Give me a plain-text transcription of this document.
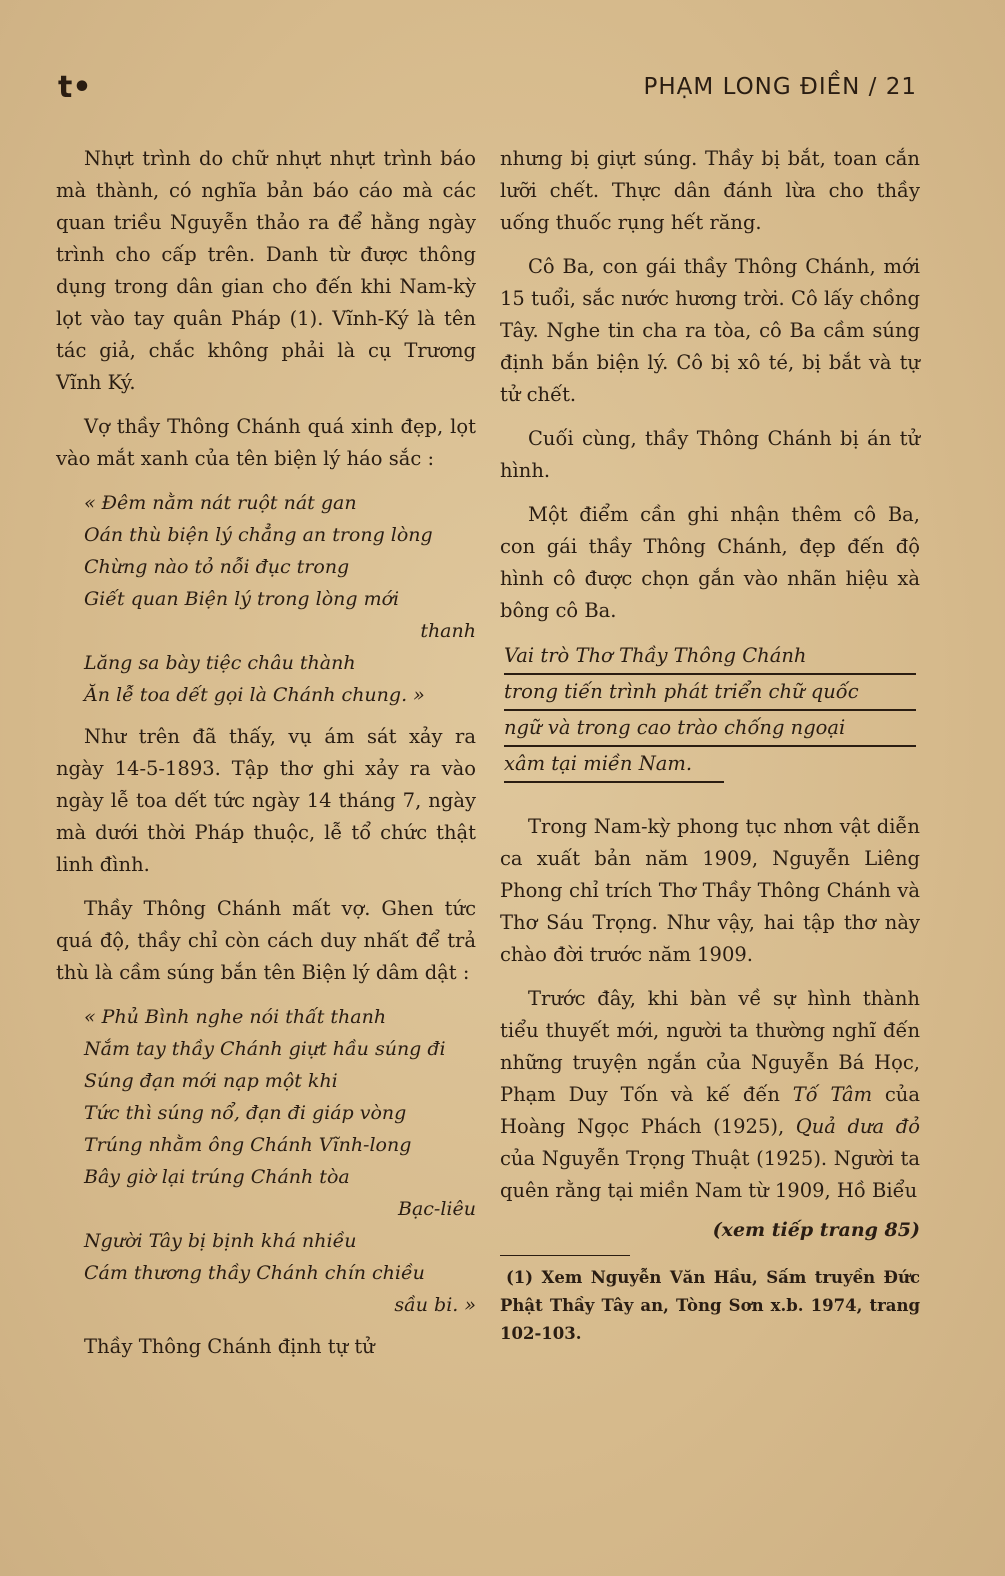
t•	PHẠM LONG ĐIỀN / 21

Nhựt trình do chữ nhựt nhựt trình báo mà thành, có nghĩa bản báo cáo mà các quan triều Nguyễn thảo ra để hằng ngày trình cho cấp trên. Danh từ được thông dụng trong dân gian cho đến khi Nam-kỳ lọt vào tay quân Pháp (1). Vĩnh-Ký là tên tác giả, chắc không phải là cụ Trương Vĩnh Ký.

Vợ thầy Thông Chánh quá xinh đẹp, lọt vào mắt xanh của tên biện lý háo sắc :

« Đêm nằm nát ruột nát gan
Oán thù biện lý chẳng an trong lòng
Chừng nào tỏ nỗi đục trong
Giết quan Biện lý trong lòng mới
thanh
Lăng sa bày tiệc châu thành
Ăn lễ toa dết gọi là Chánh chung. »

Như trên đã thấy, vụ ám sát xảy ra ngày 14-5-1893. Tập thơ ghi xảy ra vào ngày lễ toa dết tức ngày 14 tháng 7, ngày mà dưới thời Pháp thuộc, lễ tổ chức thật linh đình.

Thầy Thông Chánh mất vợ. Ghen tức quá độ, thầy chỉ còn cách duy nhất để trả thù là cầm súng bắn tên Biện lý dâm dật :

« Phủ Bình nghe nói thất thanh
Nắm tay thầy Chánh giựt hầu súng đi
Súng đạn mới nạp một khi
Tức thì súng nổ, đạn đi giáp vòng
Trúng nhằm ông Chánh Vĩnh-long
Bây giờ lại trúng Chánh tòa
Bạc-liêu
Người Tây bị bịnh khá nhiều
Cám thương thầy Chánh chín chiều
sầu bi. »

Thầy Thông Chánh định tự tử

nhưng bị giựt súng. Thầy bị bắt, toan cắn lưỡi chết. Thực dân đánh lừa cho thầy uống thuốc rụng hết răng.

Cô Ba, con gái thầy Thông Chánh, mới 15 tuổi, sắc nước hương trời. Cô lấy chồng Tây. Nghe tin cha ra tòa, cô Ba cầm súng định bắn biện lý. Cô bị xô té, bị bắt và tự tử chết.

Cuối cùng, thầy Thông Chánh bị án tử hình.

Một điểm cần ghi nhận thêm cô Ba, con gái thầy Thông Chánh, đẹp đến độ hình cô được chọn gắn vào nhãn hiệu xà bông cô Ba.

Vai trò Thơ Thầy Thông Chánh
trong tiến trình phát triển chữ quốc
ngữ và trong cao trào chống ngoại
xâm tại miền Nam.

Trong Nam-kỳ phong tục nhơn vật diễn ca xuất bản năm 1909, Nguyễn Liêng Phong chỉ trích Thơ Thầy Thông Chánh và Thơ Sáu Trọng. Như vậy, hai tập thơ này chào đời trước năm 1909.

Trước đây, khi bàn về sự hình thành tiểu thuyết mới, người ta thường nghĩ đến những truyện ngắn của Nguyễn Bá Học, Phạm Duy Tốn và kế đến Tố Tâm của Hoàng Ngọc Phách (1925), Quả dưa đỏ của Nguyễn Trọng Thuật (1925). Người ta quên rằng tại miền Nam từ 1909, Hồ Biểu

(xem tiếp trang 85)

(1) Xem Nguyễn Văn Hầu, Sấm truyền Đức Phật Thầy Tây an, Tòng Sơn x.b. 1974, trang 102-103.
